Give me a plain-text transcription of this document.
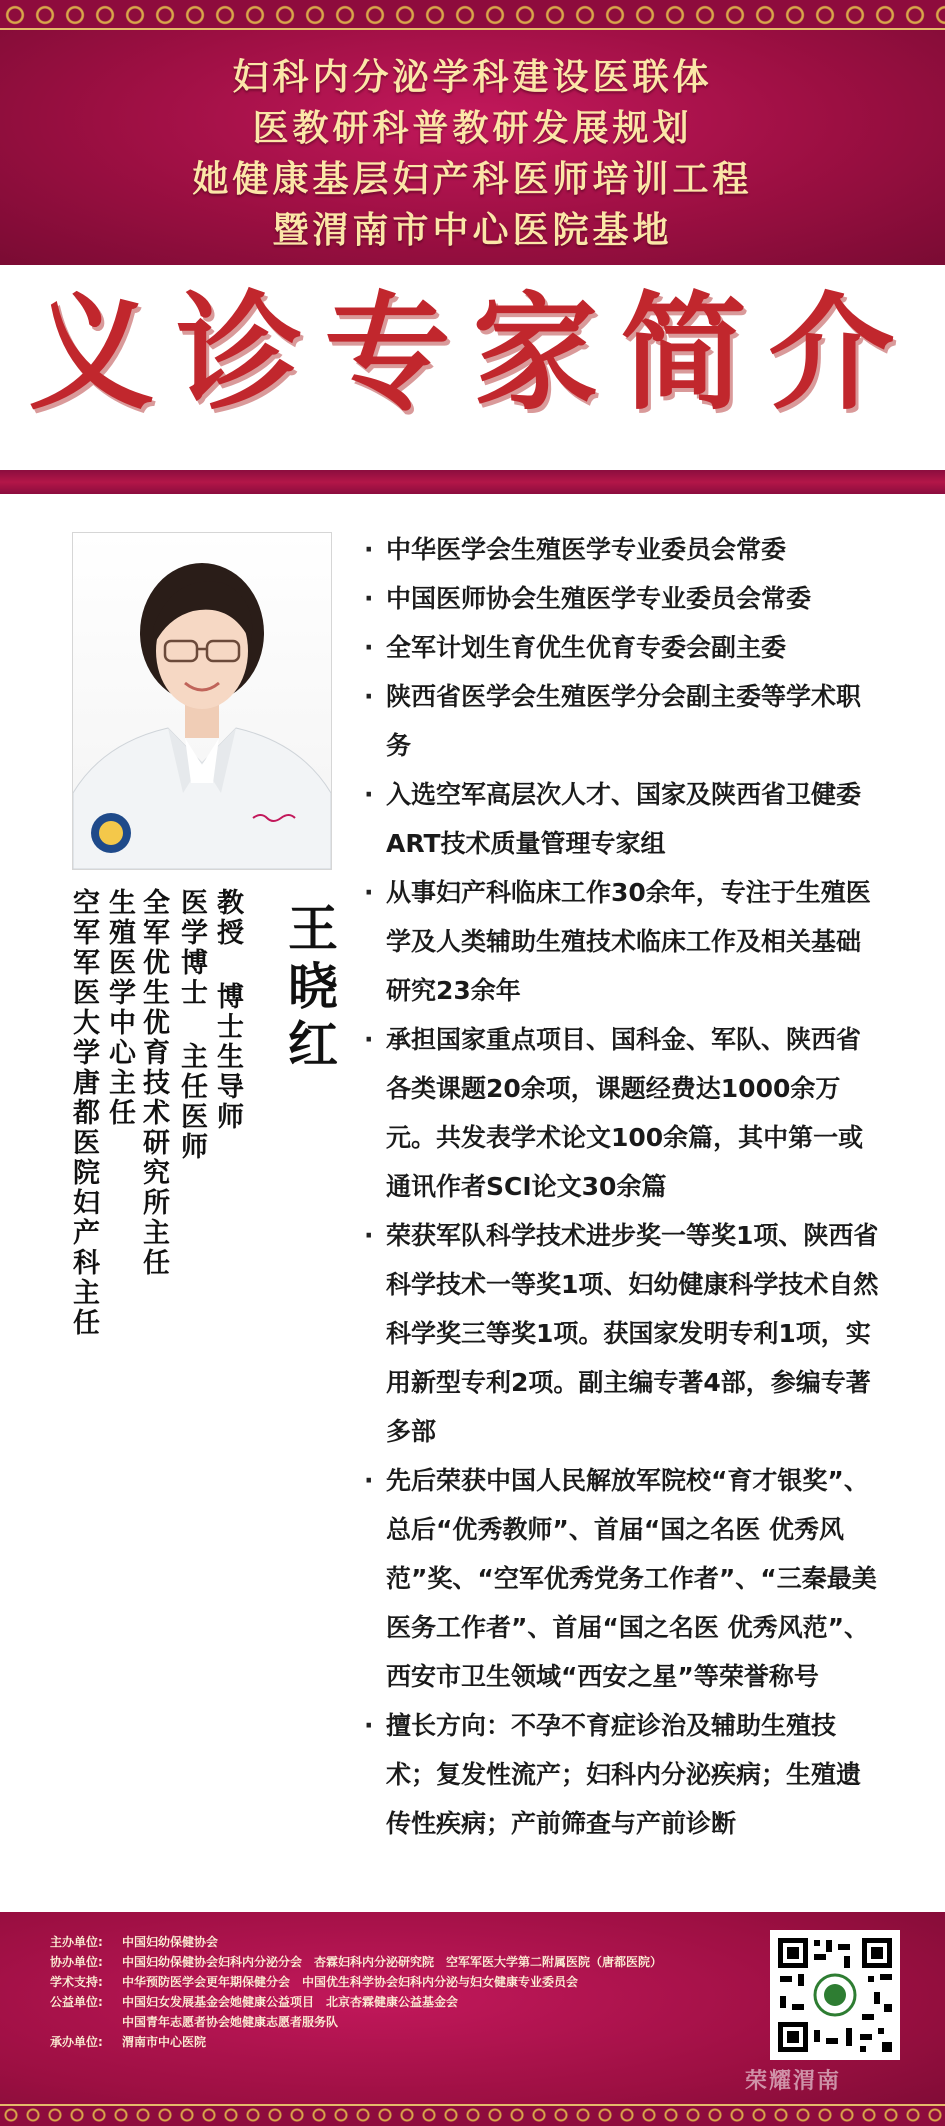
妇科内分泌学科建设医联体
医教研科普教研发展规划
她健康基层妇产科医师培训工程
暨渭南市中心医院基地
义诊专家简介
王晓红
教授 博士生导师
医学博士 主任医师
全军优生优育技术研究所主任
生殖医学中心主任
空军军医大学唐都医院妇产科主任
· 中华医学会生殖医学专业委员会常委
· 中国医师协会生殖医学专业委员会常委
· 全军计划生育优生优育专委会副主委
· 陕西省医学会生殖医学分会副主委等学术职务
· 入选空军高层次人才、国家及陕西省卫健委ART技术质量管理专家组
· 从事妇产科临床工作30余年，专注于生殖医学及人类辅助生殖技术临床工作及相关基础研究23余年
· 承担国家重点项目、国科金、军队、陕西省各类课题20余项，课题经费达1000余万元。共发表学术论文100余篇，其中第一或通讯作者SCI论文30余篇
· 荣获军队科学技术进步奖一等奖1项、陕西省科学技术一等奖1项、妇幼健康科学技术自然科学奖三等奖1项。获国家发明专利1项，实用新型专利2项。副主编专著4部，参编专著多部
· 先后荣获中国人民解放军院校“育才银奖”、总后“优秀教师”、首届“国之名医 优秀风范”奖、“空军优秀党务工作者”、“三秦最美医务工作者”、首届“国之名医 优秀风范”、西安市卫生领域“西安之星”等荣誉称号
· 擅长方向：不孕不育症诊治及辅助生殖技术；复发性流产；妇科内分泌疾病；生殖遗传性疾病；产前筛查与产前诊断
主办单位: 中国妇幼保健协会
协办单位: 中国妇幼保健协会妇科内分泌分会　杏霖妇科内分泌研究院　空军军医大学第二附属医院（唐都医院）
学术支持: 中华预防医学会更年期保健分会　中国优生科学协会妇科内分泌与妇女健康专业委员会
公益单位: 中国妇女发展基金会她健康公益项目　北京杏霖健康公益基金会
中国青年志愿者协会她健康志愿者服务队
承办单位: 渭南市中心医院
荣耀渭南
